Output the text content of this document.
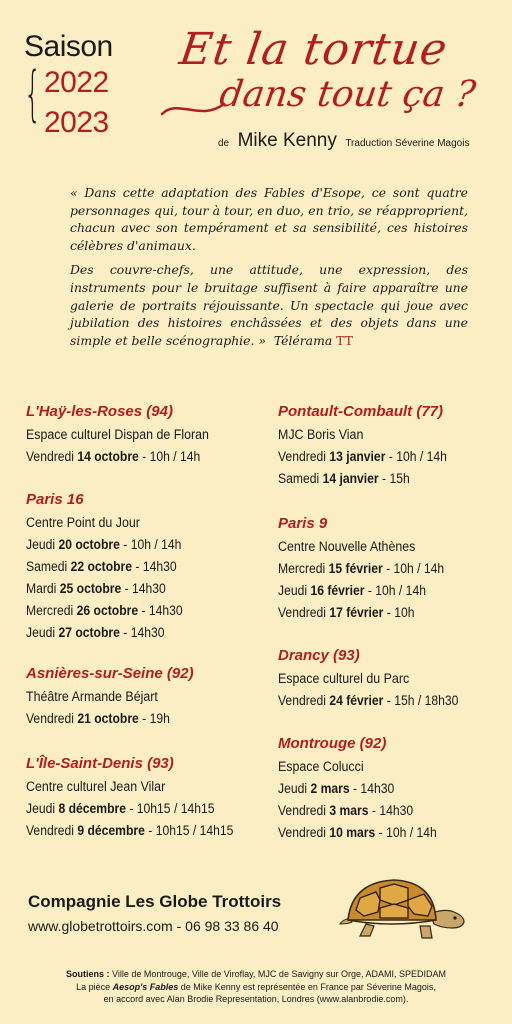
Saison
{ 2022
2023
Et la tortue
dans tout ça ?
de Mike Kenny Traduction Séverine Magois

« Dans cette adaptation des Fables d'Esope, ce sont quatre personnages qui, tour à tour, en duo, en trio, se réapproprient, chacun avec son tempérament et sa sensibilité, ces histoires célèbres d'animaux.

Des couvre-chefs, une attitude, une expression, des instruments pour le bruitage suffisent à faire apparaître une galerie de portraits réjouissante. Un spectacle qui joue avec jubilation des histoires enchâssées et des objets dans une simple et belle scénographie. » Télérama TT

L'Haÿ-les-Roses (94)
Espace culturel Dispan de Floran
Vendredi 14 octobre - 10h / 14h
Paris 16
Centre Point du Jour
Jeudi 20 octobre - 10h / 14h
Samedi 22 octobre - 14h30
Mardi 25 octobre - 14h30
Mercredi 26 octobre - 14h30
Jeudi 27 octobre - 14h30
Asnières-sur-Seine (92)
Théâtre Armande Béjart
Vendredi 21 octobre - 19h
L'Île-Saint-Denis (93)
Centre culturel Jean Vilar
Jeudi 8 décembre - 10h15 / 14h15
Vendredi 9 décembre - 10h15 / 14h15
Pontault-Combault (77)
MJC Boris Vian
Vendredi 13 janvier - 10h / 14h
Samedi 14 janvier - 15h
Paris 9
Centre Nouvelle Athènes
Mercredi 15 février - 10h / 14h
Jeudi 16 février - 10h / 14h
Vendredi 17 février - 10h
Drancy (93)
Espace culturel du Parc
Vendredi 24 février - 15h / 18h30
Montrouge (92)
Espace Colucci
Jeudi 2 mars - 14h30
Vendredi 3 mars - 14h30
Vendredi 10 mars - 10h / 14h
Compagnie Les Globe Trottoirs
www.globetrottoirs.com - 06 98 33 86 40
Soutiens : Ville de Montrouge, Ville de Viroflay, MJC de Savigny sur Orge, ADAMI, SPEDIDAM
La pièce Aesop's Fables de Mike Kenny est représentée en France par Séverine Magois,
en accord avec Alan Brodie Representation, Londres (www.alanbrodie.com).
